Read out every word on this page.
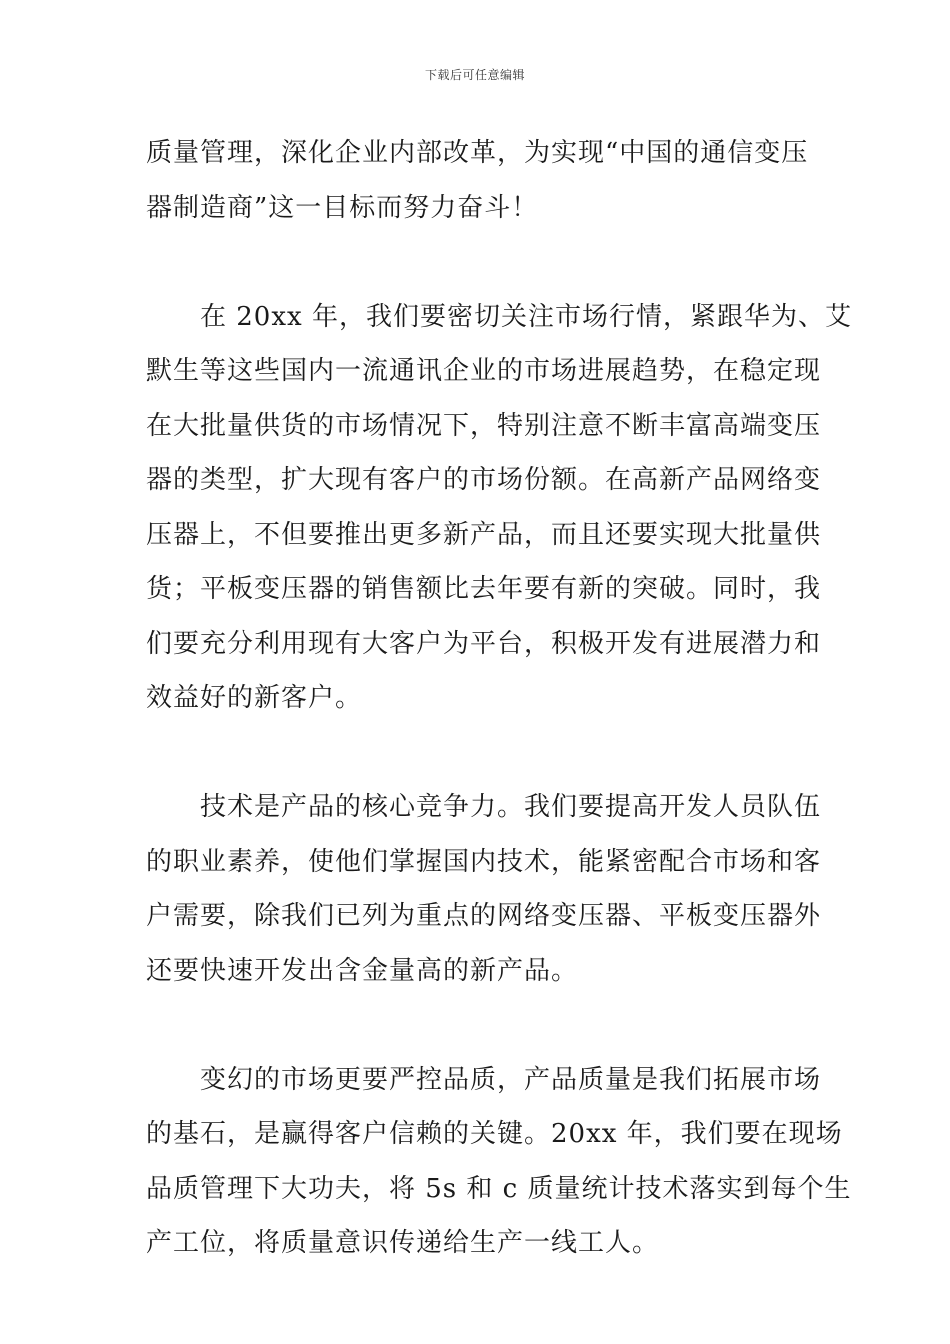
下载后可任意编辑
质量管理，深化企业内部改革，为实现“中国的通信变压
器制造商”这一目标而努力奋斗！
在 20xx 年，我们要密切关注市场行情，紧跟华为、艾
默生等这些国内一流通讯企业的市场进展趋势，在稳定现
在大批量供货的市场情况下，特别注意不断丰富高端变压
器的类型，扩大现有客户的市场份额。在高新产品网络变
压器上，不但要推出更多新产品，而且还要实现大批量供
货；平板变压器的销售额比去年要有新的突破。同时，我
们要充分利用现有大客户为平台，积极开发有进展潜力和
效益好的新客户。
技术是产品的核心竞争力。我们要提高开发人员队伍
的职业素养，使他们掌握国内技术，能紧密配合市场和客
户需要，除我们已列为重点的网络变压器、平板变压器外
还要快速开发出含金量高的新产品。
变幻的市场更要严控品质，产品质量是我们拓展市场
的基石，是赢得客户信赖的关键。20xx 年，我们要在现场
品质管理下大功夫，将 5s 和 c 质量统计技术落实到每个生
产工位，将质量意识传递给生产一线工人。
